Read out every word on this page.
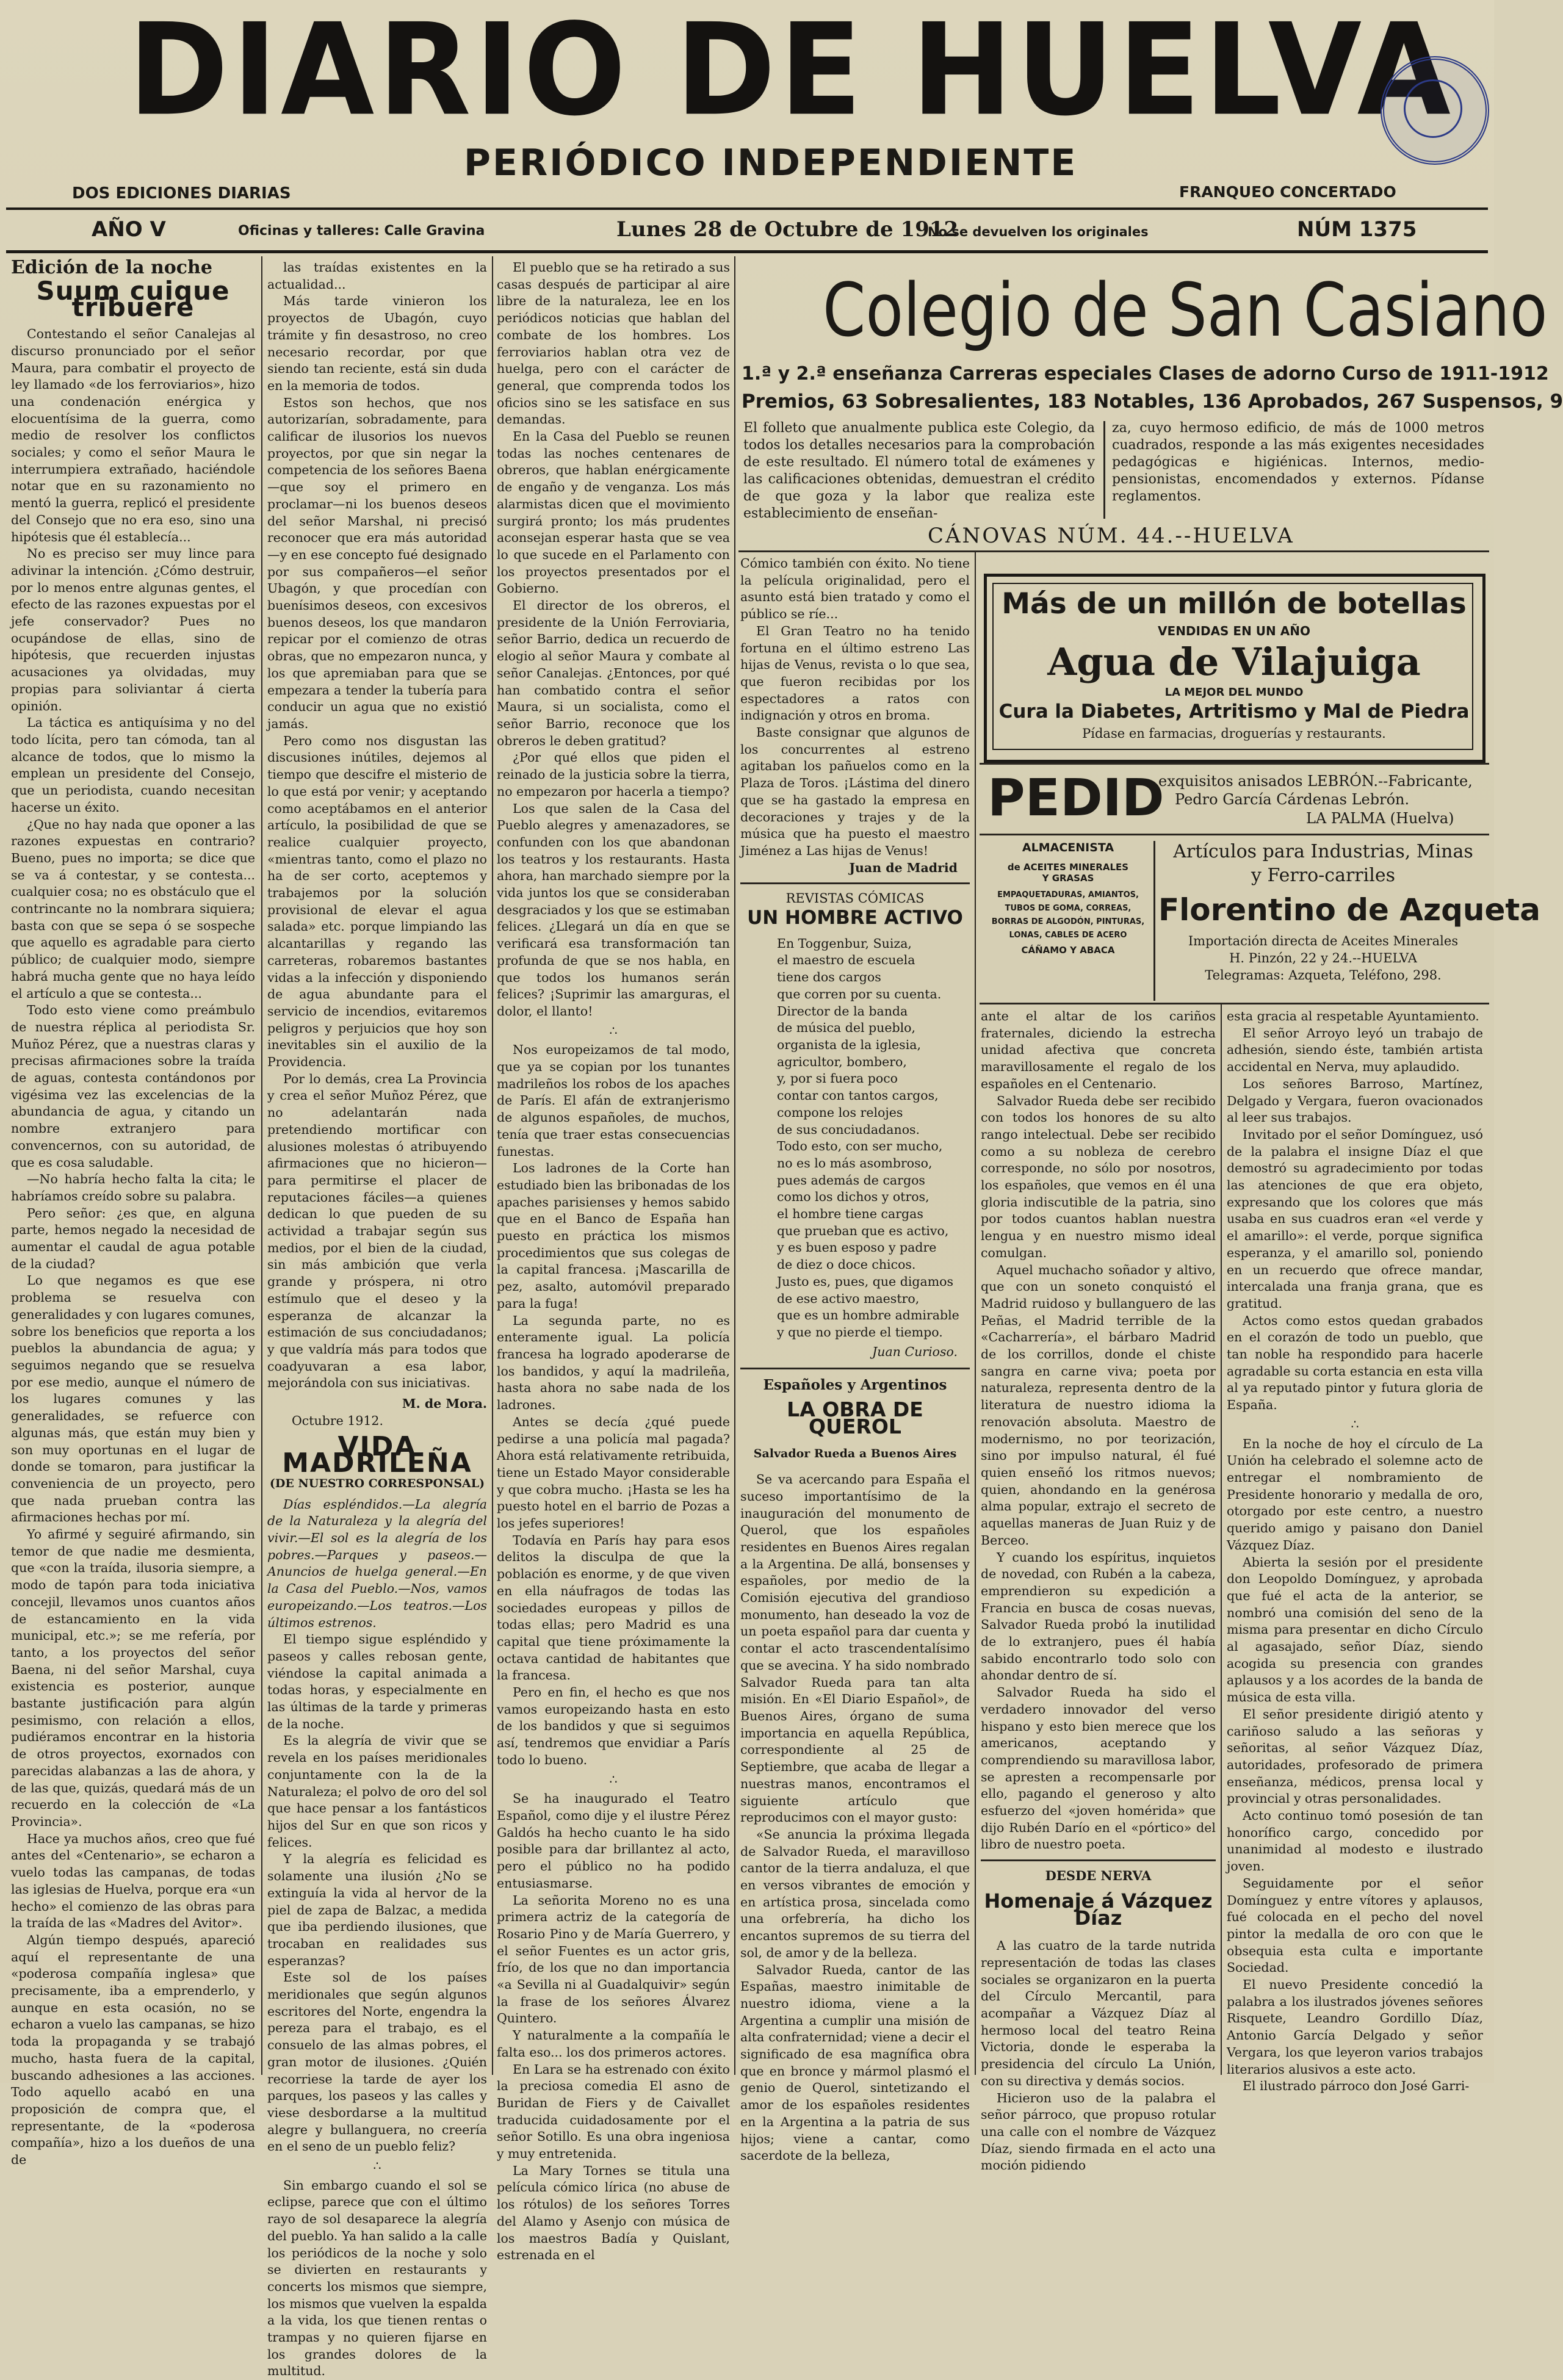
DIARIO DE HUELVA
PERIÓDICO INDEPENDIENTE
DOS EDICIONES DIARIAS	FRANQUEO CONCERTADO
AÑO V	Oficinas y talleres: Calle Gravina	Lunes 28 de Octubre de 1912
No se devuelven los originales	NÚM 1375
Edición de la noche
Suum cuique tribuere

Contestando el señor Canalejas al discurso pronunciado por el señor Maura, para combatir el proyecto de ley llamado «de los ferroviarios», hizo una condenación enérgica y elocuentísima de la guerra, como medio de resolver los conflictos sociales; y como el señor Maura le interrumpiera extrañado, haciéndole notar que en su razonamiento no mentó la guerra, replicó el presidente del Consejo que no era eso, sino una hipótesis que él establecía...

No es preciso ser muy lince para adivinar la intención. ¿Cómo destruir, por lo menos entre algunas gentes, el efecto de las razones expuestas por el jefe conservador? Pues no ocupándose de ellas, sino de hipótesis, que recuerden injustas acusaciones ya olvidadas, muy propias para soliviantar á cierta opinión.

La táctica es antiquísima y no del todo lícita, pero tan cómoda, tan al alcance de todos, que lo mismo la emplean un presidente del Consejo, que un periodista, cuando necesitan hacerse un éxito.

¿Que no hay nada que oponer a las razones expuestas en contrario? Bueno, pues no importa; se dice que se va á contestar, y se contesta... cualquier cosa; no es obstáculo que el contrincante no la nombrara siquiera; basta con que se sepa ó se sospeche que aquello es agradable para cierto público; de cualquier modo, siempre habrá mucha gente que no haya leído el artículo a que se contesta...

Todo esto viene como preámbulo de nuestra réplica al periodista Sr. Muñoz Pérez, que a nuestras claras y precisas afirmaciones sobre la traída de aguas, contesta contándonos por vigésima vez las excelencias de la abundancia de agua, y citando un nombre extranjero para convencernos, con su autoridad, de que es cosa saludable.

—No habría hecho falta la cita; le habríamos creído sobre su palabra.

Pero señor: ¿es que, en alguna parte, hemos negado la necesidad de aumentar el caudal de agua potable de la ciudad?

Lo que negamos es que ese problema se resuelva con generalidades y con lugares comunes, sobre los beneficios que reporta a los pueblos la abundancia de agua; y seguimos negando que se resuelva por ese medio, aunque el número de los lugares comunes y las generalidades, se refuerce con algunas más, que están muy bien y son muy oportunas en el lugar de donde se tomaron, para justificar la conveniencia de un proyecto, pero que nada prueban contra las afirmaciones hechas por mí.

Yo afirmé y seguiré afirmando, sin temor de que nadie me desmienta, que «con la traída, ilusoria siempre, a modo de tapón para toda iniciativa concejil, llevamos unos cuantos años de estancamiento en la vida municipal, etc.»; se me refería, por tanto, a los proyectos del señor Baena, ni del señor Marshal, cuya existencia es posterior, aunque bastante justificación para algún pesimismo, con relación a ellos, pudiéramos encontrar en la historia de otros proyectos, exornados con parecidas alabanzas a las de ahora, y de las que, quizás, quedará más de un recuerdo en la colección de «La Provincia».

Hace ya muchos años, creo que fué antes del «Centenario», se echaron a vuelo todas las campanas, de todas las iglesias de Huelva, porque era «un hecho» el comienzo de las obras para la traída de las «Madres del Avitor».

Algún tiempo después, apareció aquí el representante de una «poderosa compañía inglesa» que precisamente, iba a emprenderlo, y aunque en esta ocasión, no se echaron a vuelo las campanas, se hizo toda la propaganda y se trabajó mucho, hasta fuera de la capital, buscando adhesiones a las acciones. Todo aquello acabó en una proposición de compra que, el representante, de la «poderosa compañía», hizo a los dueños de una de

las traídas existentes en la actualidad...

Más tarde vinieron los proyectos de Ubagón, cuyo trámite y fin desastroso, no creo necesario recordar, por que siendo tan reciente, está sin duda en la memoria de todos.

Estos son hechos, que nos autorizarían, sobradamente, para calificar de ilusorios los nuevos proyectos, por que sin negar la competencia de los señores Baena—que soy el primero en proclamar—ni los buenos deseos del señor Marshal, ni precisó reconocer que era más autoridad—y en ese concepto fué designado por sus compañeros—el señor Ubagón, y que procedían con buenísimos deseos, con excesivos buenos deseos, los que mandaron repicar por el comienzo de otras obras, que no empezaron nunca, y los que apremiaban para que se empezara a tender la tubería para conducir un agua que no existió jamás.

Pero como nos disgustan las discusiones inútiles, dejemos al tiempo que descifre el misterio de lo que está por venir; y aceptando como aceptábamos en el anterior artículo, la posibilidad de que se realice cualquier proyecto, «mientras tanto, como el plazo no ha de ser corto, aceptemos y trabajemos por la solución provisional de elevar el agua salada» etc. porque limpiando las alcantarillas y regando las carreteras, robaremos bastantes vidas a la infección y disponiendo de agua abundante para el servicio de incendios, evitaremos peligros y perjuicios que hoy son inevitables sin el auxilio de la Providencia.

Por lo demás, crea La Provincia y crea el señor Muñoz Pérez, que no adelantarán nada pretendiendo mortificar con alusiones molestas ó atribuyendo afirmaciones que no hicieron—para permitirse el placer de reputaciones fáciles—a quienes dedican lo que pueden de su actividad a trabajar según sus medios, por el bien de la ciudad, sin más ambición que verla grande y próspera, ni otro estímulo que el deseo y la esperanza de alcanzar la estimación de sus conciudadanos; y que valdría más para todos que coadyuvaran a esa labor, mejorándola con sus iniciativas.

M. de Mora.
Octubre 1912.
VIDA MADRILEÑA
(DE NUESTRO CORRESPONSAL)

Días espléndidos.—La alegría de la Naturaleza y la alegría del vivir.—El sol es la alegría de los pobres.—Parques y paseos.—Anuncios de huelga general.—En la Casa del Pueblo.—Nos, vamos europeizando.—Los teatros.—Los últimos estrenos.

El tiempo sigue espléndido y paseos y calles rebosan gente, viéndose la capital animada a todas horas, y especialmente en las últimas de la tarde y primeras de la noche.

Es la alegría de vivir que se revela en los países meridionales conjuntamente con la de la Naturaleza; el polvo de oro del sol que hace pensar a los fantásticos hijos del Sur en que son ricos y felices.

Y la alegría es felicidad es solamente una ilusión ¿No se extinguía la vida al hervor de la piel de zapa de Balzac, a medida que iba perdiendo ilusiones, que trocaban en realidades sus esperanzas?

Este sol de los países meridionales que según algunos escritores del Norte, engendra la pereza para el trabajo, es el consuelo de las almas pobres, el gran motor de ilusiones. ¿Quién recorriese la tarde de ayer los parques, los paseos y las calles y viese desbordarse a la multitud alegre y bullanguera, no creería en el seno de un pueblo feliz?

∴

Sin embargo cuando el sol se eclipse, parece que con el último rayo de sol desaparece la alegría del pueblo. Ya han salido a la calle los periódicos de la noche y solo se divierten en restaurants y concerts los mismos que siempre, los mismos que vuelven la espalda a la vida, los que tienen rentas o trampas y no quieren fijarse en los grandes dolores de la multitud.

El pueblo que se ha retirado a sus casas después de participar al aire libre de la naturaleza, lee en los periódicos noticias que hablan del combate de los hombres. Los ferroviarios hablan otra vez de huelga, pero con el carácter de general, que comprenda todos los oficios sino se les satisface en sus demandas.

En la Casa del Pueblo se reunen todas las noches centenares de obreros, que hablan enérgicamente de engaño y de venganza. Los más alarmistas dicen que el movimiento surgirá pronto; los más prudentes aconsejan esperar hasta que se vea lo que sucede en el Parlamento con los proyectos presentados por el Gobierno.

El director de los obreros, el presidente de la Unión Ferroviaria, señor Barrio, dedica un recuerdo de elogio al señor Maura y combate al señor Canalejas. ¿Entonces, por qué han combatido contra el señor Maura, si un socialista, como el señor Barrio, reconoce que los obreros le deben gratitud?

¿Por qué ellos que piden el reinado de la justicia sobre la tierra, no empezaron por hacerla a tiempo?

Los que salen de la Casa del Pueblo alegres y amenazadores, se confunden con los que abandonan los teatros y los restaurants. Hasta ahora, han marchado siempre por la vida juntos los que se consideraban desgraciados y los que se estimaban felices. ¿Llegará un día en que se verificará esa transformación tan profunda de que se nos habla, en que todos los humanos serán felices? ¡Suprimir las amarguras, el dolor, el llanto!

∴

Nos europeizamos de tal modo, que ya se copian por los tunantes madrileños los robos de los apaches de París. El afán de extranjerismo de algunos españoles, de muchos, tenía que traer estas consecuencias funestas.

Los ladrones de la Corte han estudiado bien las bribonadas de los apaches parisienses y hemos sabido que en el Banco de España han puesto en práctica los mismos procedimientos que sus colegas de la capital francesa. ¡Mascarilla de pez, asalto, automóvil preparado para la fuga!

La segunda parte, no es enteramente igual. La policía francesa ha logrado apoderarse de los bandidos, y aquí la madrileña, hasta ahora no sabe nada de los ladrones.

Antes se decía ¿qué puede pedirse a una policía mal pagada? Ahora está relativamente retribuida, tiene un Estado Mayor considerable y que cobra mucho. ¡Hasta se les ha puesto hotel en el barrio de Pozas a los jefes superiores!

Todavía en París hay para esos delitos la disculpa de que la población es enorme, y de que viven en ella náufragos de todas las sociedades europeas y pillos de todas ellas; pero Madrid es una capital que tiene próximamente la octava cantidad de habitantes que la francesa.

Pero en fin, el hecho es que nos vamos europeizando hasta en esto de los bandidos y que si seguimos así, tendremos que envidiar a París todo lo bueno.

∴

Se ha inaugurado el Teatro Español, como dije y el ilustre Pérez Galdós ha hecho cuanto le ha sido posible para dar brillantez al acto, pero el público no ha podido entusiasmarse.

La señorita Moreno no es una primera actriz de la categoría de Rosario Pino y de María Guerrero, y el señor Fuentes es un actor gris, frío, de los que no dan importancia «a Sevilla ni al Guadalquivir» según la frase de los señores Álvarez Quintero.

Y naturalmente a la compañía le falta eso... los dos primeros actores.

En Lara se ha estrenado con éxito la preciosa comedia El asno de Buridan de Fiers y de Caivallet traducida cuidadosamente por el señor Sotillo. Es una obra ingeniosa y muy entretenida.

La Mary Tornes se titula una película cómico lírica (no abuse de los rótulos) de los señores Torres del Alamo y Asenjo con música de los maestros Badía y Quislant, estrenada en el

Colegio de San Casiano
1.ª y 2.ª enseñanza Carreras especiales Clases de adorno Curso de 1911-1912
Premios, 63 Sobresalientes, 183 Notables, 136 Aprobados, 267 Suspensos, 9
El folleto que anualmente publica este Colegio, da todos los detalles necesarios para la comprobación de este resultado. El número total de exámenes y las calificaciones obtenidas, demuestran el crédito de que goza y la labor que realiza este establecimiento de enseñan-
za, cuyo hermoso edificio, de más de 1000 metros cuadrados, responde a las más exigentes necesidades pedagógicas e higiénicas. Internos, medio-pensionistas, encomendados y externos. Pídanse reglamentos.
CÁNOVAS NÚM. 44.--HUELVA

Cómico también con éxito. No tiene la película originalidad, pero el asunto está bien tratado y como el público se ríe...

El Gran Teatro no ha tenido fortuna en el último estreno Las hijas de Venus, revista o lo que sea, que fueron recibidas por los espectadores a ratos con indignación y otros en broma.

Baste consignar que algunos de los concurrentes al estreno agitaban los pañuelos como en la Plaza de Toros. ¡Lástima del dinero que se ha gastado la empresa en decoraciones y trajes y de la música que ha puesto el maestro Jiménez a Las hijas de Venus!

Juan de Madrid
REVISTAS CÓMICAS
UN HOMBRE ACTIVO

En Toggenbur, Suiza,

el maestro de escuela

tiene dos cargos

que corren por su cuenta.

Director de la banda

de música del pueblo,

organista de la iglesia,

agricultor, bombero,

y, por si fuera poco

contar con tantos cargos,

compone los relojes

de sus conciudadanos.

Todo esto, con ser mucho,

no es lo más asombroso,

pues además de cargos

como los dichos y otros,

el hombre tiene cargas

que prueban que es activo,

y es buen esposo y padre

de diez o doce chicos.

Justo es, pues, que digamos

de ese activo maestro,

que es un hombre admirable

y que no pierde el tiempo.

Juan Curioso.
Españoles y Argentinos
LA OBRA DE QUEROL
Salvador Rueda a Buenos Aires

Se va acercando para España el suceso importantísimo de la inauguración del monumento de Querol, que los españoles residentes en Buenos Aires regalan a la Argentina. De allá, bonsenses y españoles, por medio de la Comisión ejecutiva del grandioso monumento, han deseado la voz de un poeta español para dar cuenta y contar el acto trascendentalísimo que se avecina. Y ha sido nombrado Salvador Rueda para tan alta misión. En «El Diario Español», de Buenos Aires, órgano de suma importancia en aquella República, correspondiente al 25 de Septiembre, que acaba de llegar a nuestras manos, encontramos el siguiente artículo que reproducimos con el mayor gusto:

«Se anuncia la próxima llegada de Salvador Rueda, el maravilloso cantor de la tierra andaluza, el que en versos vibrantes de emoción y en artística prosa, sincelada como una orfebrería, ha dicho los encantos supremos de su tierra del sol, de amor y de la belleza.

Salvador Rueda, cantor de las Españas, maestro inimitable de nuestro idioma, viene a la Argentina a cumplir una misión de alta confraternidad; viene a decir el significado de esa magnífica obra que en bronce y mármol plasmó el genio de Querol, sintetizando el amor de los españoles residentes en la Argentina a la patria de sus hijos; viene a cantar, como sacerdote de la belleza,

Más de un millón de botellas
VENDIDAS EN UN AÑO
Agua de Vilajuiga
LA MEJOR DEL MUNDO
Cura la Diabetes, Artritismo y Mal de Piedra
Pídase en farmacias, droguerías y restaurants.
PEDID
exquisitos anisados LEBRÓN.--Fabricante,
Pedro García Cárdenas Lebrón.
LA PALMA (Huelva)
ALMACENISTA
de ACEITES MINERALES
Y GRASAS
EMPAQUETADURAS, AMIANTOS, TUBOS DE GOMA, CORREAS, BORRAS DE ALGODÓN, PINTURAS, LONAS, CABLES DE ACERO
CÁÑAMO Y ABACA
Artículos para Industrias, Minas
y Ferro-carriles
Florentino de Azqueta
Importación directa de Aceites Minerales
H. Pinzón, 22 y 24.--HUELVA
Telegramas: Azqueta, Teléfono, 298.

ante el altar de los cariños fraternales, diciendo la estrecha unidad afectiva que concreta maravillosamente el regalo de los españoles en el Centenario.

Salvador Rueda debe ser recibido con todos los honores de su alto rango intelectual. Debe ser recibido como a su nobleza de cerebro corresponde, no sólo por nosotros, los españoles, que vemos en él una gloria indiscutible de la patria, sino por todos cuantos hablan nuestra lengua y en nuestro mismo ideal comulgan.

Aquel muchacho soñador y altivo, que con un soneto conquistó el Madrid ruidoso y bullanguero de las Peñas, el Madrid terrible de la «Cacharrería», el bárbaro Madrid de los corrillos, donde el chiste sangra en carne viva; poeta por naturaleza, representa dentro de la literatura de nuestro idioma la renovación absoluta. Maestro de modernismo, no por teorización, sino por impulso natural, él fué quien enseñó los ritmos nuevos; quien, ahondando en la genérosa alma popular, extrajo el secreto de aquellas maneras de Juan Ruiz y de Berceo.

Y cuando los espíritus, inquietos de novedad, con Rubén a la cabeza, emprendieron su expedición a Francia en busca de cosas nuevas, Salvador Rueda probó la inutilidad de lo extranjero, pues él había sabido encontrarlo todo solo con ahondar dentro de sí.

Salvador Rueda ha sido el verdadero innovador del verso hispano y esto bien merece que los americanos, aceptando y comprendiendo su maravillosa labor, se apresten a recompensarle por ello, pagando el generoso y alto esfuerzo del «joven homérida» que dijo Rubén Darío en el «pórtico» del libro de nuestro poeta.

DESDE NERVA
Homenaje á Vázquez Díaz

A las cuatro de la tarde nutrida representación de todas las clases sociales se organizaron en la puerta del Círculo Mercantil, para acompañar a Vázquez Díaz al hermoso local del teatro Reina Victoria, donde le esperaba la presidencia del círculo La Unión, con su directiva y demás socios.

Hicieron uso de la palabra el señor párroco, que propuso rotular una calle con el nombre de Vázquez Díaz, siendo firmada en el acto una moción pidiendo

esta gracia al respetable Ayuntamiento.

El señor Arroyo leyó un trabajo de adhesión, siendo éste, también artista accidental en Nerva, muy aplaudido.

Los señores Barroso, Martínez, Delgado y Vergara, fueron ovacionados al leer sus trabajos.

Invitado por el señor Domínguez, usó de la palabra el insigne Díaz el que demostró su agradecimiento por todas las atenciones de que era objeto, expresando que los colores que más usaba en sus cuadros eran «el verde y el amarillo»: el verde, porque significa esperanza, y el amarillo sol, poniendo en un recuerdo que ofrece mandar, intercalada una franja grana, que es gratitud.

Actos como estos quedan grabados en el corazón de todo un pueblo, que tan noble ha respondido para hacerle agradable su corta estancia en esta villa al ya reputado pintor y futura gloria de España.

∴

En la noche de hoy el círculo de La Unión ha celebrado el solemne acto de entregar el nombramiento de Presidente honorario y medalla de oro, otorgado por este centro, a nuestro querido amigo y paisano don Daniel Vázquez Díaz.

Abierta la sesión por el presidente don Leopoldo Domínguez, y aprobada que fué el acta de la anterior, se nombró una comisión del seno de la misma para presentar en dicho Círculo al agasajado, señor Díaz, siendo acogida su presencia con grandes aplausos y a los acordes de la banda de música de esta villa.

El señor presidente dirigió atento y cariñoso saludo a las señoras y señoritas, al señor Vázquez Díaz, autoridades, profesorado de primera enseñanza, médicos, prensa local y provincial y otras personalidades.

Acto continuo tomó posesión de tan honorífico cargo, concedido por unanimidad al modesto e ilustrado joven.

Seguidamente por el señor Domínguez y entre vítores y aplausos, fué colocada en el pecho del novel pintor la medalla de oro con que le obsequia esta culta e importante Sociedad.

El nuevo Presidente concedió la palabra a los ilustrados jóvenes señores Risquete, Leandro Gordillo Díaz, Antonio García Delgado y señor Vergara, los que leyeron varios trabajos literarios alusivos a este acto.

El ilustrado párroco don José Garri-
